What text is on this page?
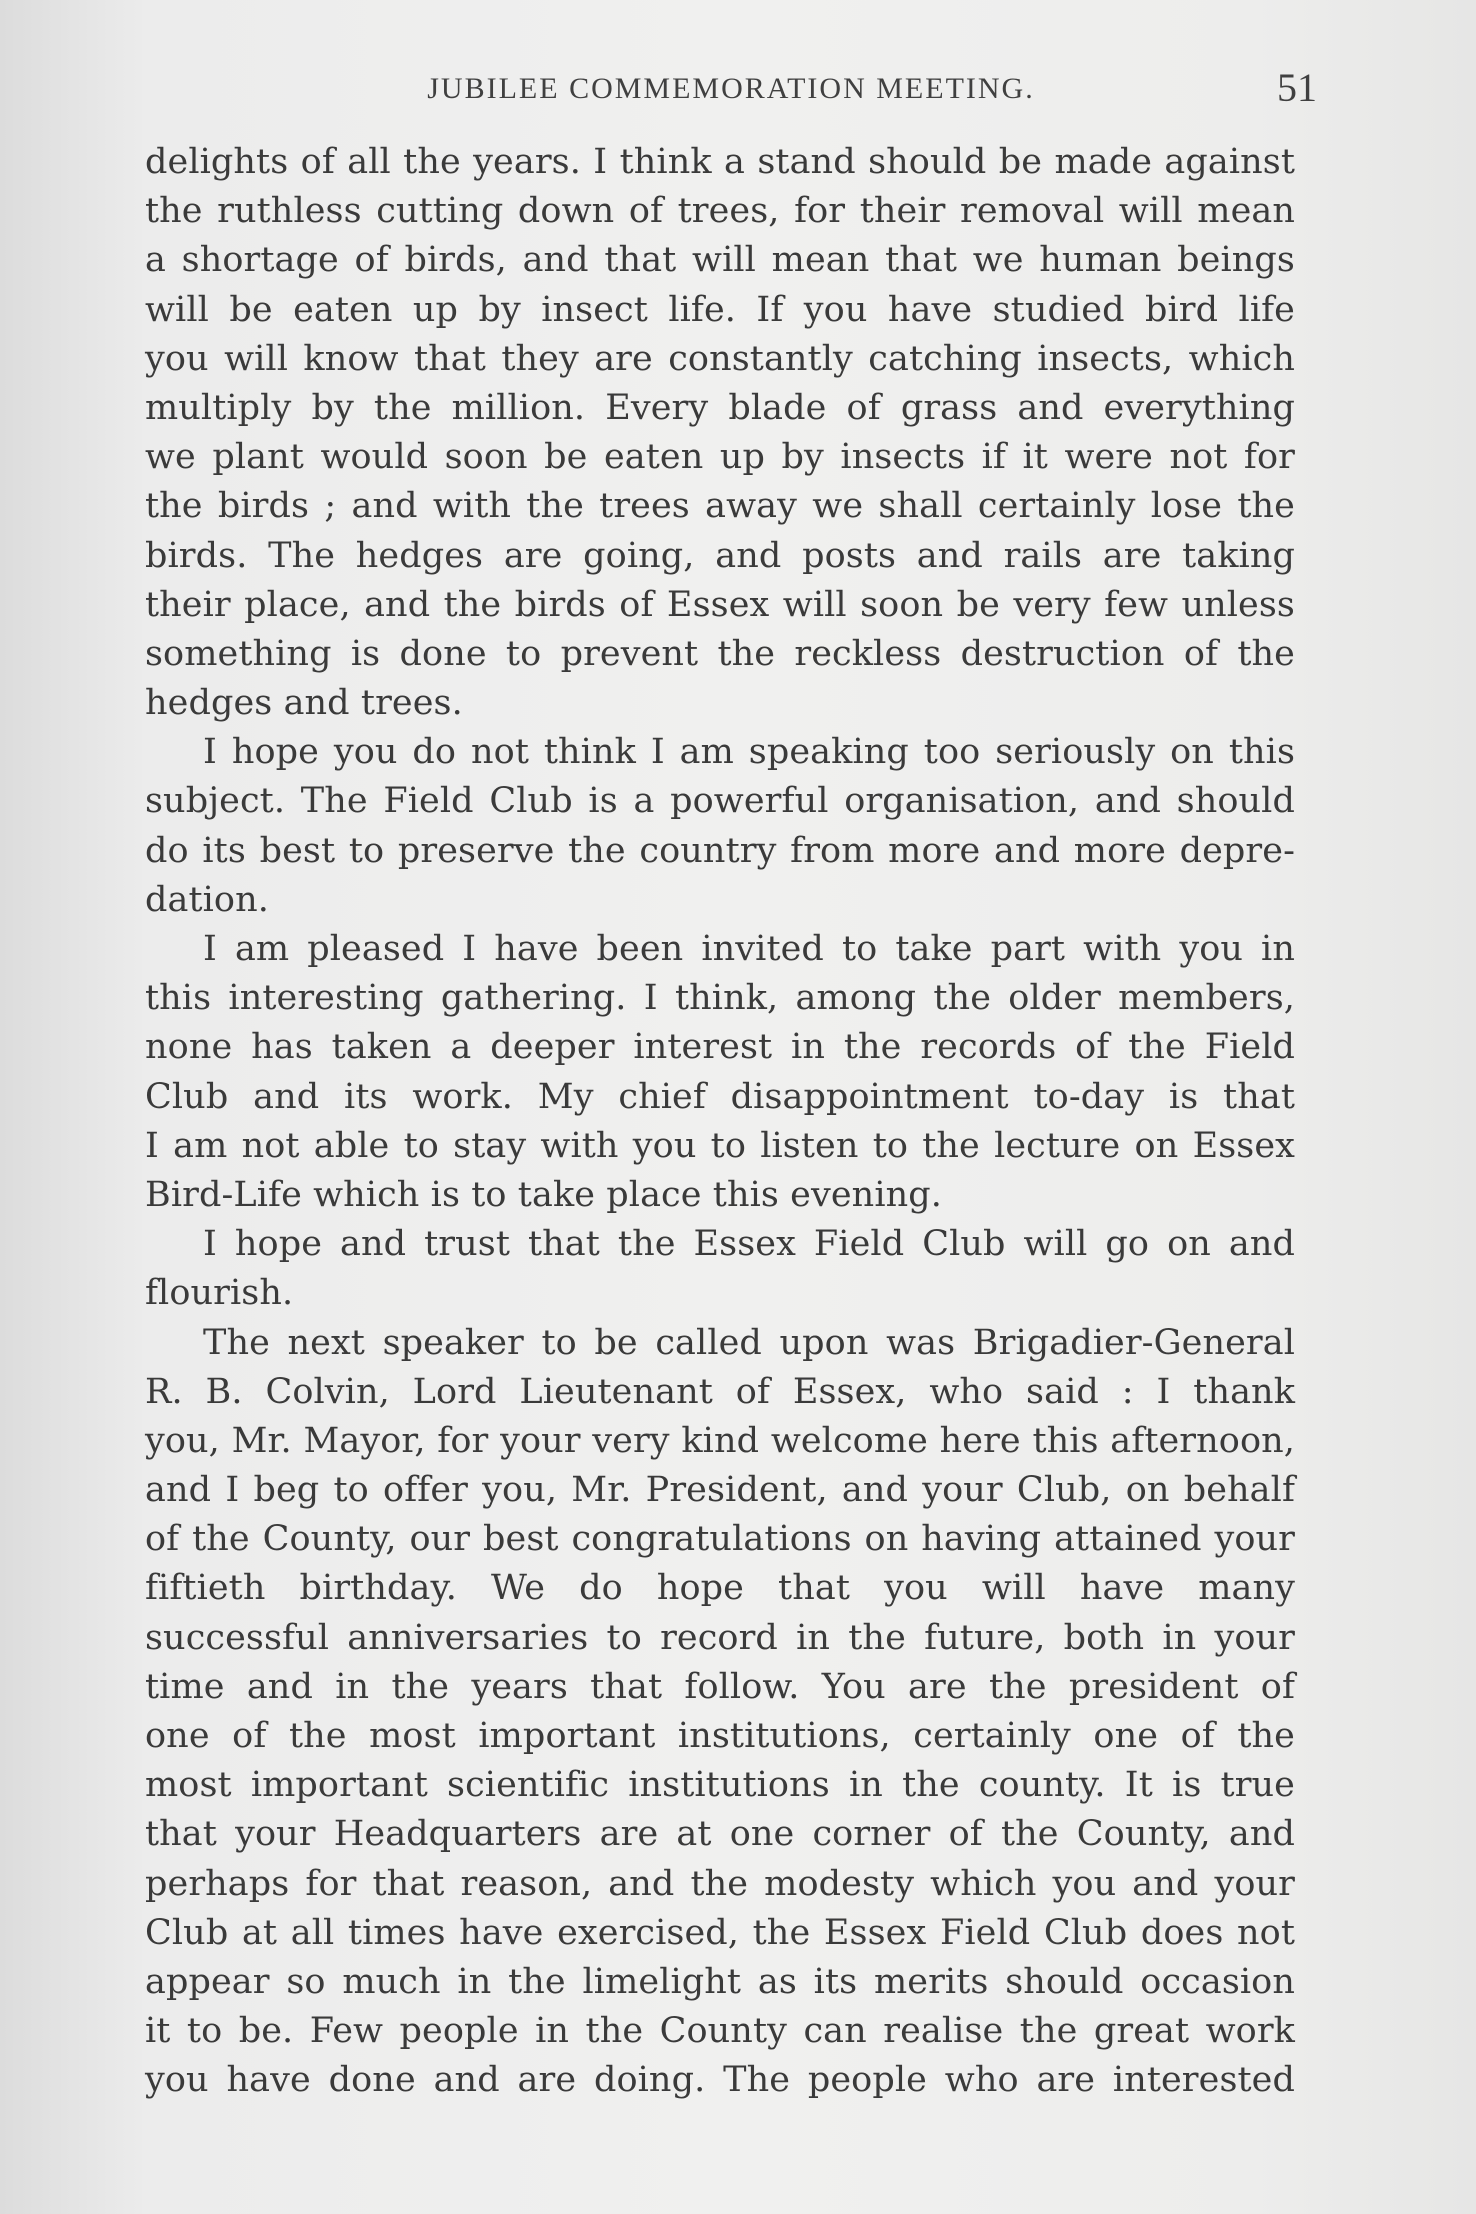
JUBILEE COMMEMORATION MEETING.	51
delights of all the years. I think a stand should be made against
the ruthless cutting down of trees, for their removal will mean
a shortage of birds, and that will mean that we human beings
will be eaten up by insect life. If you have studied bird life
you will know that they are constantly catching insects, which
multiply by the million. Every blade of grass and everything
we plant would soon be eaten up by insects if it were not for
the birds ; and with the trees away we shall certainly lose the
birds. The hedges are going, and posts and rails are taking
their place, and the birds of Essex will soon be very few unless
something is done to prevent the reckless destruction of the
hedges and trees.
I hope you do not think I am speaking too seriously on this
subject. The Field Club is a powerful organisation, and should
do its best to preserve the country from more and more depre-
dation.
I am pleased I have been invited to take part with you in
this interesting gathering. I think, among the older members,
none has taken a deeper interest in the records of the Field
Club and its work. My chief disappointment to-day is that
I am not able to stay with you to listen to the lecture on Essex
Bird-Life which is to take place this evening.
I hope and trust that the Essex Field Club will go on and
flourish.
The next speaker to be called upon was Brigadier-General
R. B. Colvin, Lord Lieutenant of Essex, who said : I thank
you, Mr. Mayor, for your very kind welcome here this afternoon,
and I beg to offer you, Mr. President, and your Club, on behalf
of the County, our best congratulations on having attained your
fiftieth birthday. We do hope that you will have many
successful anniversaries to record in the future, both in your
time and in the years that follow. You are the president of
one of the most important institutions, certainly one of the
most important scientific institutions in the county. It is true
that your Headquarters are at one corner of the County, and
perhaps for that reason, and the modesty which you and your
Club at all times have exercised, the Essex Field Club does not
appear so much in the limelight as its merits should occasion
it to be. Few people in the County can realise the great work
you have done and are doing. The people who are interested
